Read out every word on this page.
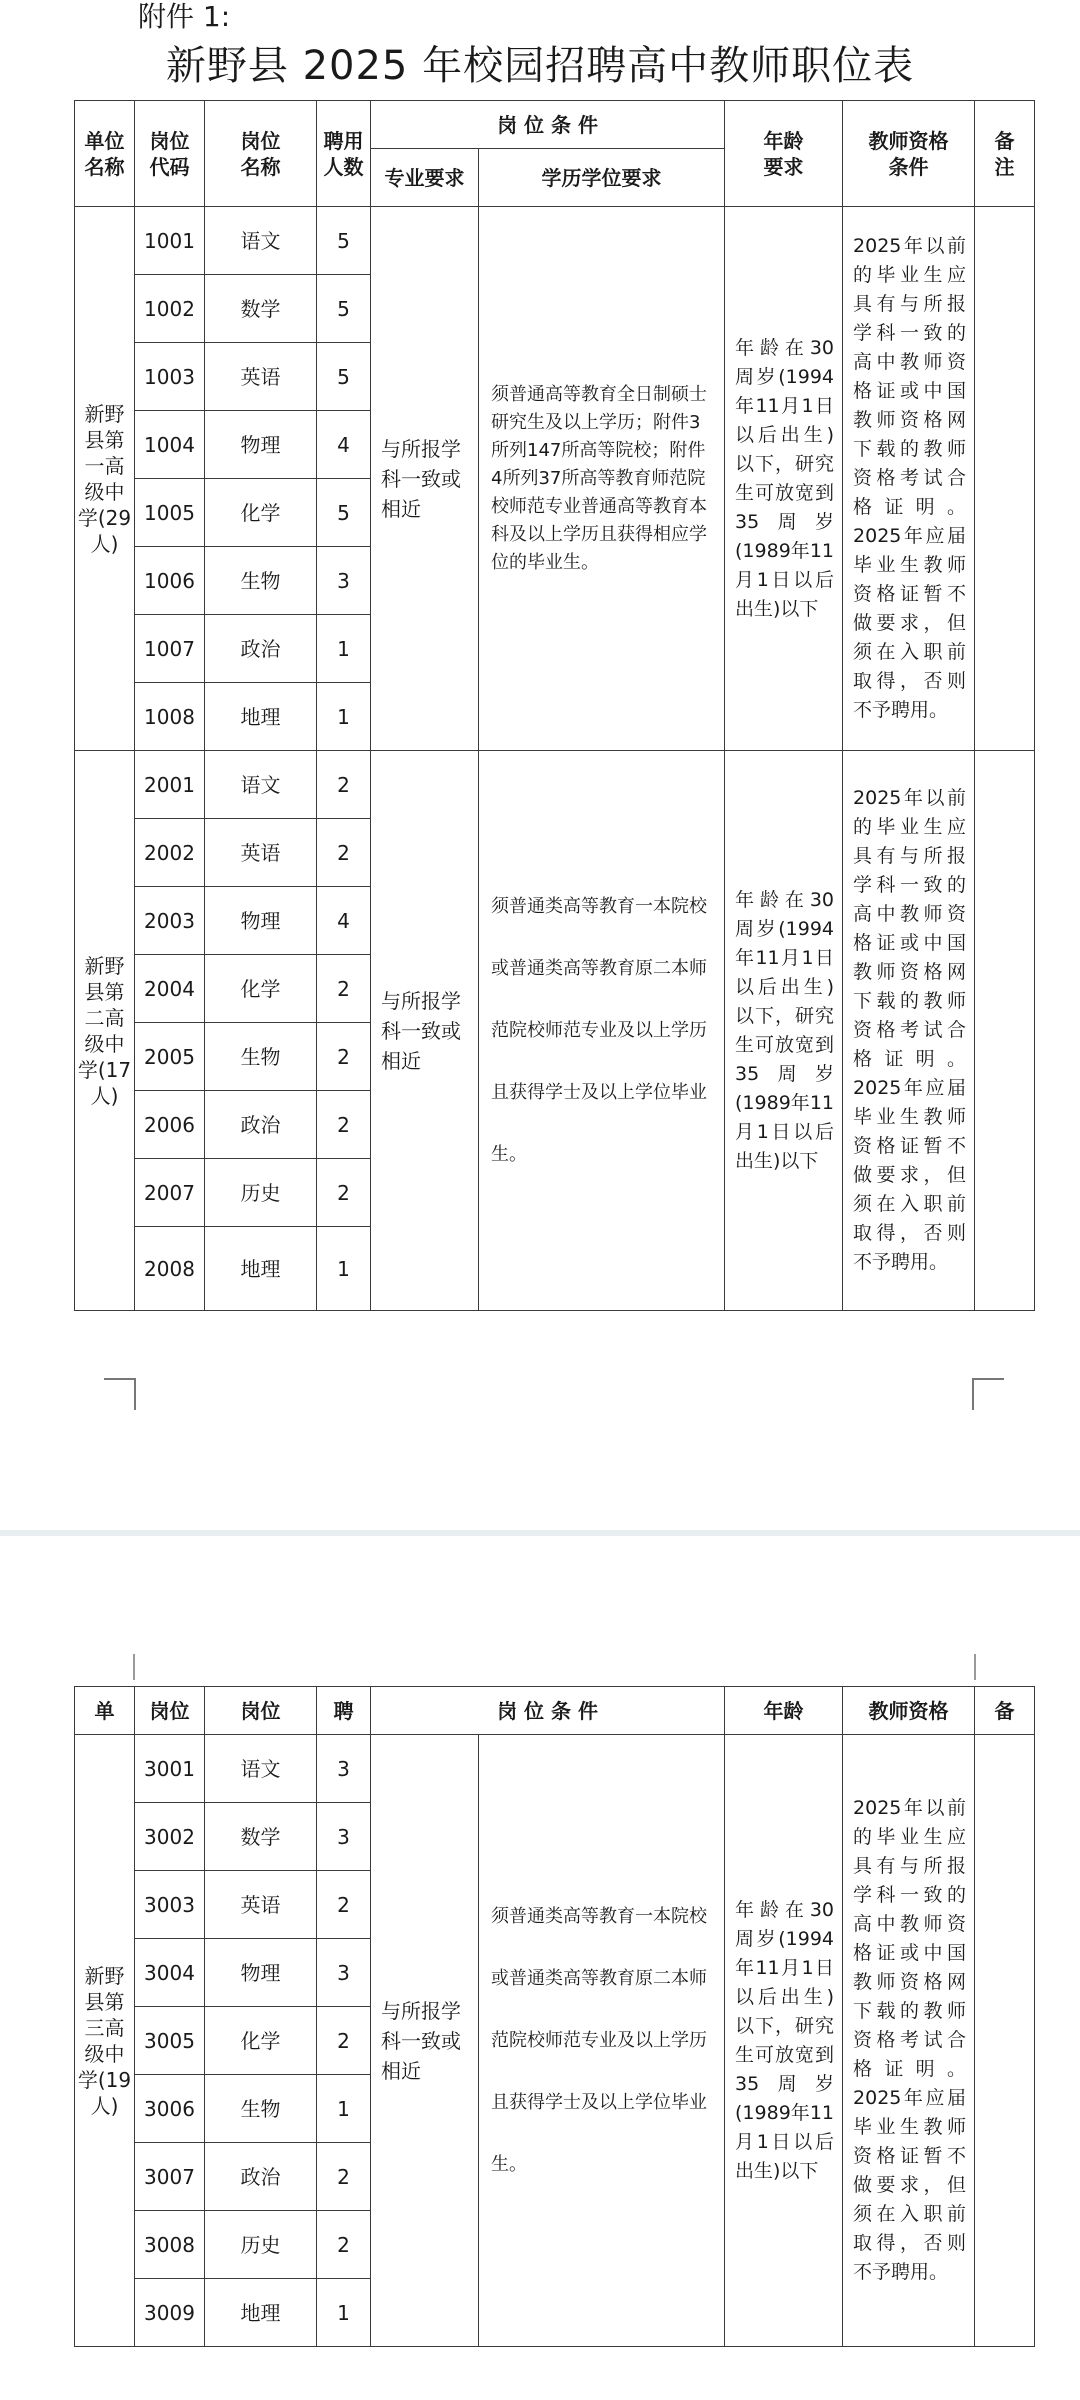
附件 1:
新野县 2025 年校园招聘高中教师职位表
单位名称	岗位代码	岗位名称	聘用人数	岗 位 条 件		年龄要求	教师资格条件	备注
				专业要求	学历学位要求			
新野县第一高级中学(29人)	1001	语文	5	与所报学科一致或相近	须普通高等教育全日制硕士研究生及以上学历；附件3所列147所高等院校；附件4所列37所高等教育师范院校师范专业普通高等教育本科及以上学历且获得相应学位的毕业生。	年龄在30周岁(1994年11月1日以后出生)以下，研究生可放宽到35周岁(1989年11月1日以后出生)以下	2025年以前的毕业生应具有与所报学科一致的高中教师资格证或中国教师资格网下载的教师资格考试合格证明。2025年应届毕业生教师资格证暂不做要求，但须在入职前取得，否则不予聘用。	
	1002	数学	5					
	1003	英语	5					
	1004	物理	4					
	1005	化学	5					
	1006	生物	3					
	1007	政治	1					
	1008	地理	1					
新野县第二高级中学(17人)	2001	语文	2	与所报学科一致或相近	须普通类高等教育一本院校或普通类高等教育原二本师范院校师范专业及以上学历且获得学士及以上学位毕业生。	年龄在30周岁(1994年11月1日以后出生)以下，研究生可放宽到35周岁(1989年11月1日以后出生)以下	2025年以前的毕业生应具有与所报学科一致的高中教师资格证或中国教师资格网下载的教师资格考试合格证明。2025年应届毕业生教师资格证暂不做要求，但须在入职前取得，否则不予聘用。	
	2002	英语	2					
	2003	物理	4					
	2004	化学	2					
	2005	生物	2					
	2006	政治	2					
	2007	历史	2					
	2008	地理	1					
单	岗位	岗位	聘	岗 位 条 件		年龄	教师资格	备
新野县第三高级中学(19人)	3001	语文	3	与所报学科一致或相近	须普通类高等教育一本院校或普通类高等教育原二本师范院校师范专业及以上学历且获得学士及以上学位毕业生。	年龄在30周岁(1994年11月1日以后出生)以下，研究生可放宽到35周岁(1989年11月1日以后出生)以下	2025年以前的毕业生应具有与所报学科一致的高中教师资格证或中国教师资格网下载的教师资格考试合格证明。2025年应届毕业生教师资格证暂不做要求，但须在入职前取得，否则不予聘用。	
	3002	数学	3					
	3003	英语	2					
	3004	物理	3					
	3005	化学	2					
	3006	生物	1					
	3007	政治	2					
	3008	历史	2					
	3009	地理	1					
